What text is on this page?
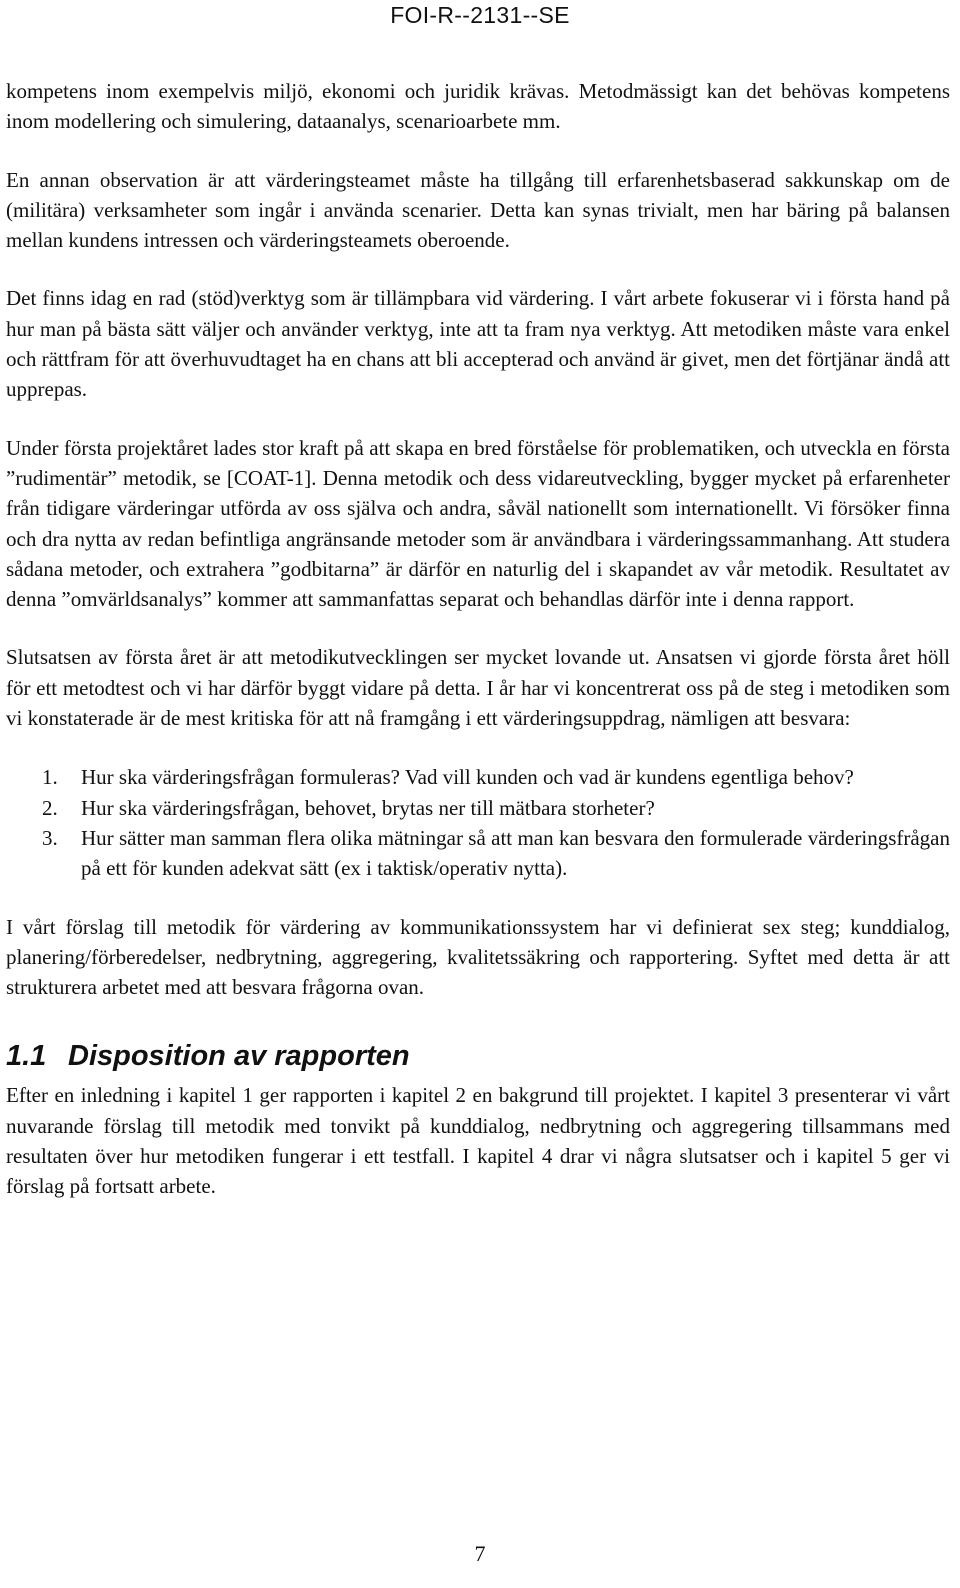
FOI-R--2131--SE

kompetens inom exempelvis miljö, ekonomi och juridik krävas. Metodmässigt kan det behövas kompetens inom modellering och simulering, dataanalys, scenarioarbete mm.

En annan observation är att värderingsteamet måste ha tillgång till erfarenhetsbaserad sakkunskap om de (militära) verksamheter som ingår i använda scenarier. Detta kan synas trivialt, men har bäring på balansen mellan kundens intressen och värderingsteamets oberoende.

Det finns idag en rad (stöd)verktyg som är tillämpbara vid värdering. I vårt arbete fokuserar vi i första hand på hur man på bästa sätt väljer och använder verktyg, inte att ta fram nya verktyg. Att metodiken måste vara enkel och rättfram för att överhuvudtaget ha en chans att bli accepterad och använd är givet, men det förtjänar ändå att upprepas.

Under första projektåret lades stor kraft på att skapa en bred förståelse för problematiken, och utveckla en första ”rudimentär” metodik, se [COAT-1]. Denna metodik och dess vidareutveckling, bygger mycket på erfarenheter från tidigare värderingar utförda av oss själva och andra, såväl nationellt som internationellt. Vi försöker finna och dra nytta av redan befintliga angränsande metoder som är användbara i värderingssammanhang. Att studera sådana metoder, och extrahera ”godbitarna” är därför en naturlig del i skapandet av vår metodik. Resultatet av denna ”omvärldsanalys” kommer att sammanfattas separat och behandlas därför inte i denna rapport.

Slutsatsen av första året är att metodikutvecklingen ser mycket lovande ut. Ansatsen vi gjorde första året höll för ett metodtest och vi har därför byggt vidare på detta. I år har vi koncentrerat oss på de steg i metodiken som vi konstaterade är de mest kritiska för att nå framgång i ett värderingsuppdrag, nämligen att besvara:

1. Hur ska värderingsfrågan formuleras? Vad vill kunden och vad är kundens egentliga behov?
2. Hur ska värderingsfrågan, behovet, brytas ner till mätbara storheter?
3. Hur sätter man samman flera olika mätningar så att man kan besvara den formulerade värderingsfrågan på ett för kunden adekvat sätt (ex i taktisk/operativ nytta).

I vårt förslag till metodik för värdering av kommunikationssystem har vi definierat sex steg; kunddialog, planering/förberedelser, nedbrytning, aggregering, kvalitetssäkring och rapportering. Syftet med detta är att strukturera arbetet med att besvara frågorna ovan.

1.1 Disposition av rapporten

Efter en inledning i kapitel 1 ger rapporten i kapitel 2 en bakgrund till projektet. I kapitel 3 presenterar vi vårt nuvarande förslag till metodik med tonvikt på kunddialog, nedbrytning och aggregering tillsammans med resultaten över hur metodiken fungerar i ett testfall. I kapitel 4 drar vi några slutsatser och i kapitel 5 ger vi förslag på fortsatt arbete.

7
